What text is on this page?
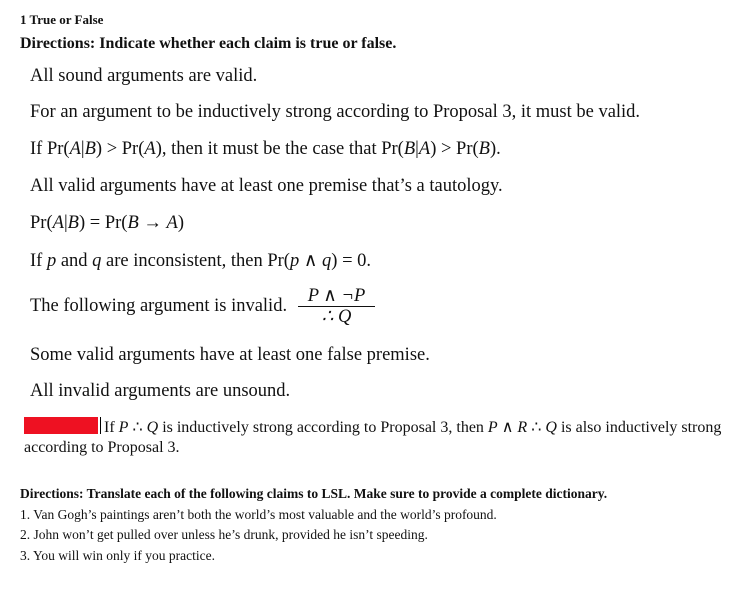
1 True or False
Directions: Indicate whether each claim is true or false.
All sound arguments are valid.
For an argument to be inductively strong according to Proposal 3, it must be valid.
If Pr(A|B) > Pr(A), then it must be the case that Pr(B|A) > Pr(B).
All valid arguments have at least one premise that’s a tautology.
Pr(A|B) = Pr(B → A)
If p and q are inconsistent, then Pr(p ∧ q) = 0.
The following argument is invalid. $\frac{P \wedge \neg P}{\therefore Q}$
Some valid arguments have at least one false premise.
All invalid arguments are unsound.
If P ∴ Q is inductively strong according to Proposal 3, then P ∧ R ∴ Q is also inductively strong according to Proposal 3.
Directions: Translate each of the following claims to LSL. Make sure to provide a complete dictionary.
1. Van Gogh’s paintings aren’t both the world’s most valuable and the world’s profound.
2. John won’t get pulled over unless he’s drunk, provided he isn’t speeding.
3. You will win only if you practice.
